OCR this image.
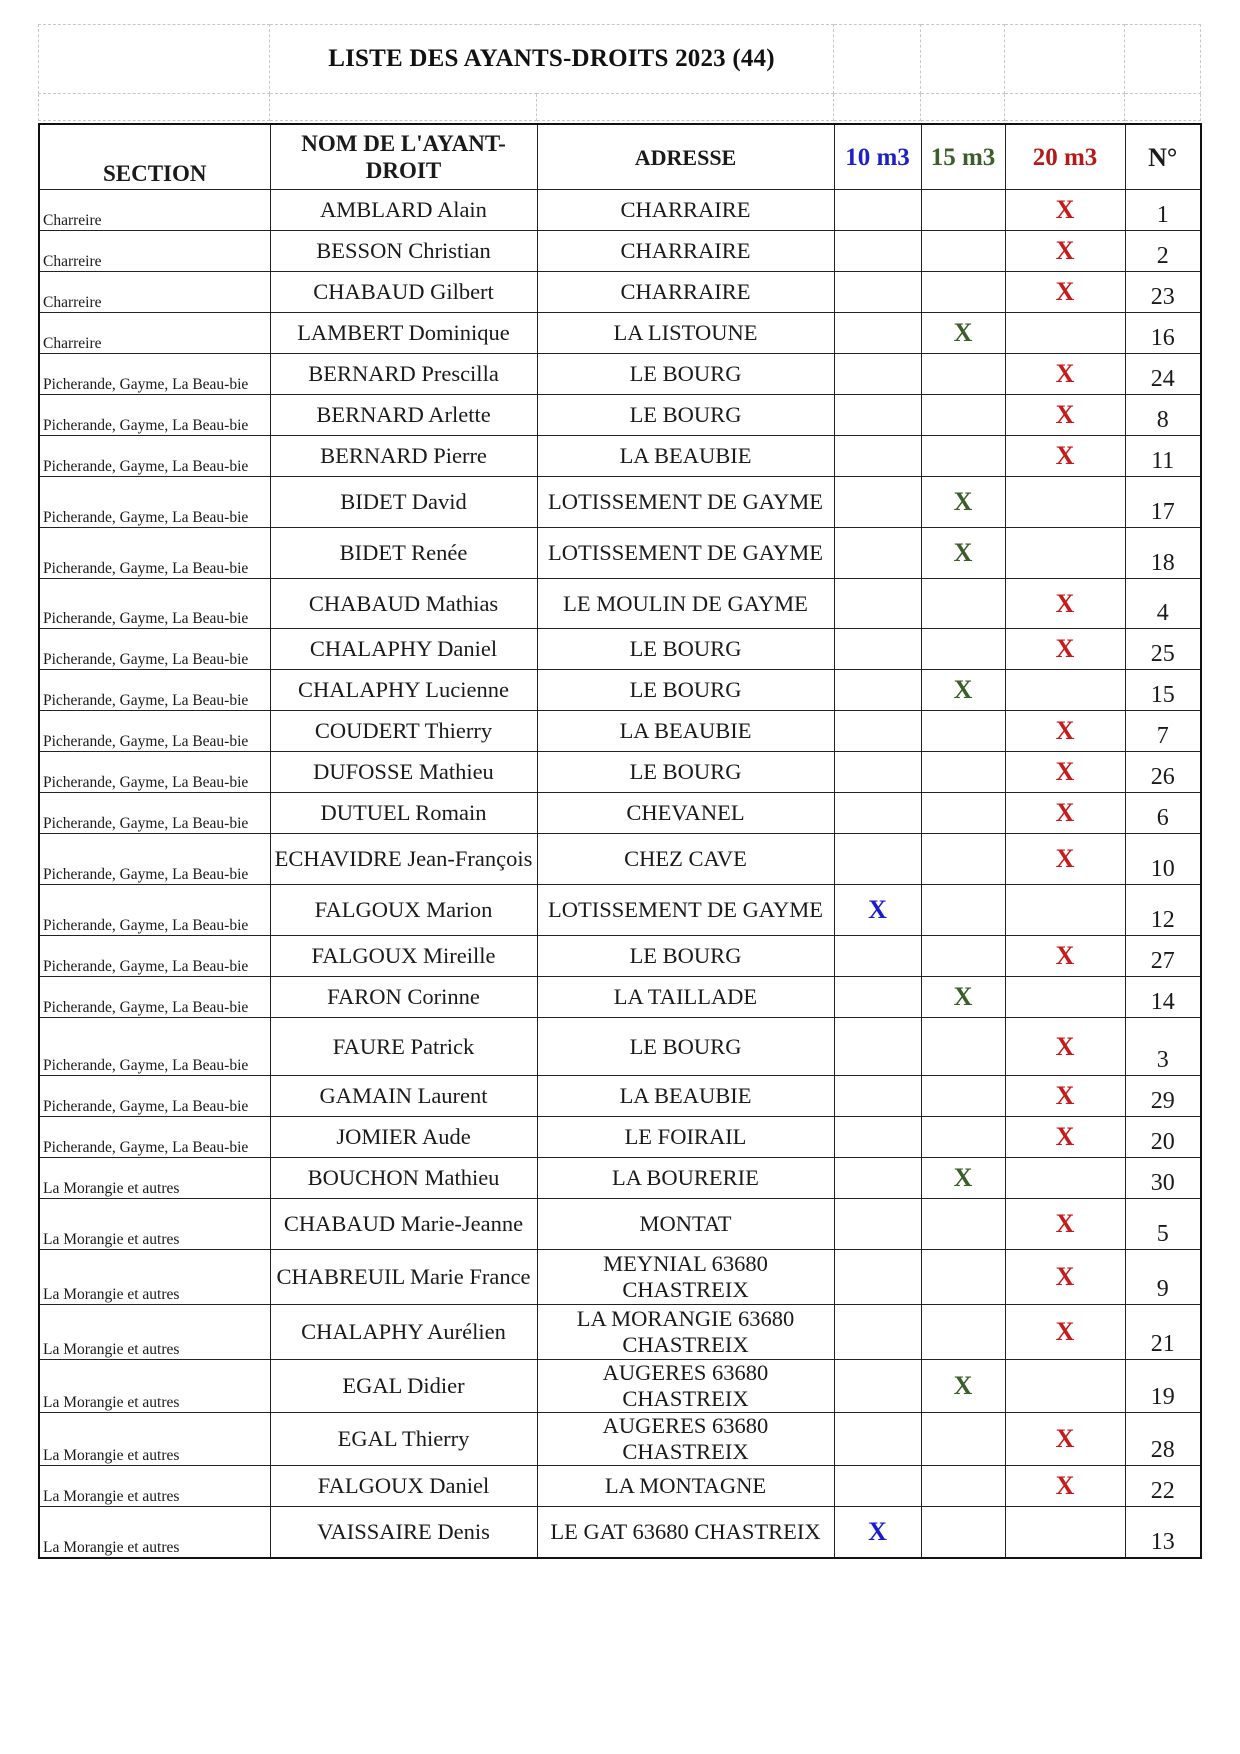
	LISTE DES AYANTS-DROITS 2023 (44)					

SECTION	NOM DE L'AYANT-DROIT	ADRESSE	10 m3	15 m3	20 m3	N°
Charreire	AMBLARD Alain	CHARRAIRE			X	1
Charreire	BESSON Christian	CHARRAIRE			X	2
Charreire	CHABAUD Gilbert	CHARRAIRE			X	23
Charreire	LAMBERT Dominique	LA LISTOUNE		X		16
Picherande, Gayme, La Beau-bie	BERNARD Prescilla	LE BOURG			X	24
Picherande, Gayme, La Beau-bie	BERNARD Arlette	LE BOURG			X	8
Picherande, Gayme, La Beau-bie	BERNARD Pierre	LA BEAUBIE			X	11
Picherande, Gayme, La Beau-bie	BIDET David	LOTISSEMENT DE GAYME		X		17
Picherande, Gayme, La Beau-bie	BIDET Renée	LOTISSEMENT DE GAYME		X		18
Picherande, Gayme, La Beau-bie	CHABAUD Mathias	LE MOULIN DE GAYME			X	4
Picherande, Gayme, La Beau-bie	CHALAPHY Daniel	LE BOURG			X	25
Picherande, Gayme, La Beau-bie	CHALAPHY Lucienne	LE BOURG		X		15
Picherande, Gayme, La Beau-bie	COUDERT Thierry	LA BEAUBIE			X	7
Picherande, Gayme, La Beau-bie	DUFOSSE Mathieu	LE BOURG			X	26
Picherande, Gayme, La Beau-bie	DUTUEL Romain	CHEVANEL			X	6
Picherande, Gayme, La Beau-bie	ECHAVIDRE Jean-François	CHEZ CAVE			X	10
Picherande, Gayme, La Beau-bie	FALGOUX Marion	LOTISSEMENT DE GAYME	X			12
Picherande, Gayme, La Beau-bie	FALGOUX Mireille	LE BOURG			X	27
Picherande, Gayme, La Beau-bie	FARON Corinne	LA TAILLADE		X		14
Picherande, Gayme, La Beau-bie	FAURE Patrick	LE BOURG			X	3
Picherande, Gayme, La Beau-bie	GAMAIN Laurent	LA BEAUBIE			X	29
Picherande, Gayme, La Beau-bie	JOMIER Aude	LE FOIRAIL			X	20
La Morangie et autres	BOUCHON Mathieu	LA BOURERIE		X		30
La Morangie et autres	CHABAUD Marie-Jeanne	MONTAT			X	5
La Morangie et autres	CHABREUIL Marie France	MEYNIAL 63680 CHASTREIX			X	9
La Morangie et autres	CHALAPHY Aurélien	LA MORANGIE 63680 CHASTREIX			X	21
La Morangie et autres	EGAL Didier	AUGERES 63680 CHASTREIX		X		19
La Morangie et autres	EGAL Thierry	AUGERES 63680 CHASTREIX			X	28
La Morangie et autres	FALGOUX Daniel	LA MONTAGNE			X	22
La Morangie et autres	VAISSAIRE Denis	LE GAT 63680 CHASTREIX	X			13
